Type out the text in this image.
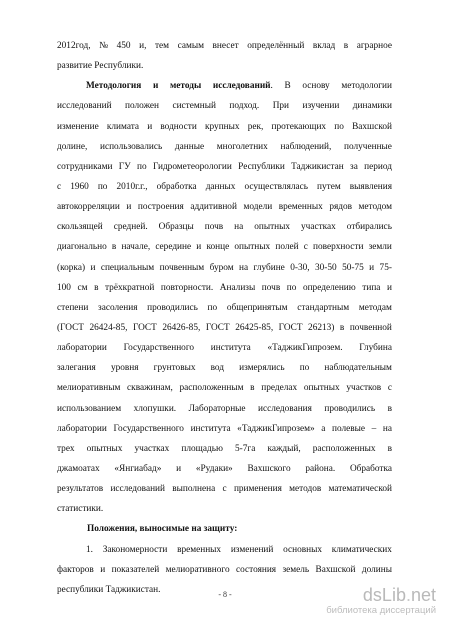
2012год, № 450 и, тем самым внесет определённый вклад в аграрное
развитие Республики.
Методология и методы исследований. В основу методологии
исследований положен системный подход. При изучении динамики
изменение климата и водности крупных рек, протекающих по Вахшской
долине, использовались данные многолетних наблюдений, полученные
сотрудниками ГУ по Гидрометеорологии Республики Таджикистан за период
с 1960 по 2010г.г., обработка данных осуществлялась путем выявления
автокорреляции и построения аддитивной модели временных рядов методом
скользящей средней. Образцы почв на опытных участках отбирались
диагонально в начале, середине и конце опытных полей с поверхности земли
(корка) и специальным почвенным буром на глубине 0-30, 30-50 50-75 и 75-
100 см в трёхкратной повторности. Анализы почв по определению типа и
степени засоления проводились по общепринятым стандартным методам
(ГОСТ 26424-85, ГОСТ 26426-85, ГОСТ 26425-85, ГОСТ 26213) в почвенной
лаборатории Государственного института «ТаджикГипрозем. Глубина
залегания уровня грунтовых вод измерялись по наблюдательным
мелиоративным скважинам, расположенным в пределах опытных участков с
использованием хлопушки. Лабораторные исследования проводились в
лаборатории Государственного института «ТаджикГипрозем» а полевые – на
трех опытных участках площадью 5-7га каждый, расположенных в
джамоатах «Янгиабад» и «Рудаки» Вахшского района. Обработка
результатов исследований выполнена с применения методов математической
статистики.
Положения, выносимые на защиту:
1. Закономерности временных изменений основных климатических
факторов и показателей мелиоративного состояния земель Вахшской долины
республики Таджикистан.	- 8 -	dsLib.net
библиотека диссертаций
